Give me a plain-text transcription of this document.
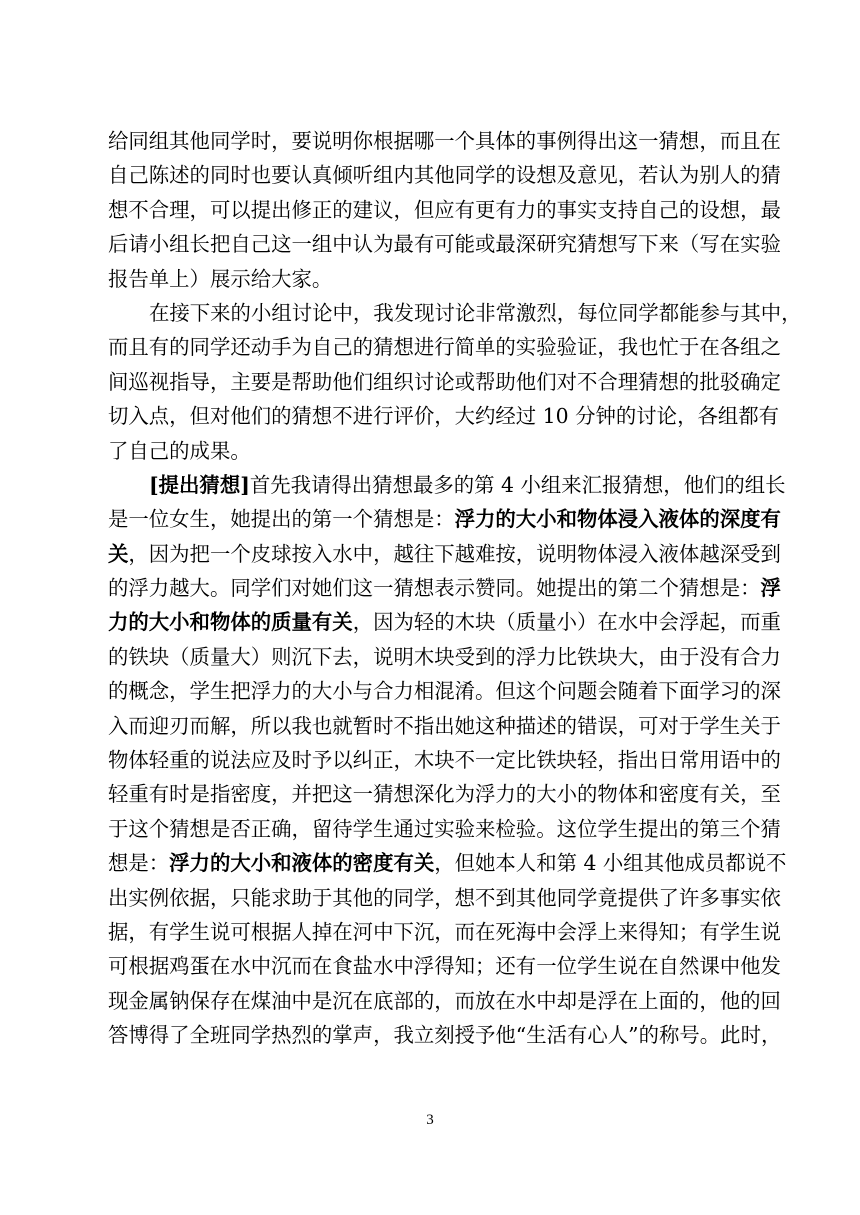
给同组其他同学时，要说明你根据哪一个具体的事例得出这一猜想，而且在
自己陈述的同时也要认真倾听组内其他同学的设想及意见，若认为别人的猜
想不合理，可以提出修正的建议，但应有更有力的事实支持自己的设想，最
后请小组长把自己这一组中认为最有可能或最深研究猜想写下来（写在实验
报告单上）展示给大家。
在接下来的小组讨论中，我发现讨论非常激烈，每位同学都能参与其中，
而且有的同学还动手为自己的猜想进行简单的实验验证，我也忙于在各组之
间巡视指导，主要是帮助他们组织讨论或帮助他们对不合理猜想的批驳确定
切入点，但对他们的猜想不进行评价，大约经过 10 分钟的讨论，各组都有
了自己的成果。
[提出猜想]首先我请得出猜想最多的第 4 小组来汇报猜想，他们的组长
是一位女生，她提出的第一个猜想是：浮力的大小和物体浸入液体的深度有
关，因为把一个皮球按入水中，越往下越难按，说明物体浸入液体越深受到
的浮力越大。同学们对她们这一猜想表示赞同。她提出的第二个猜想是：浮
力的大小和物体的质量有关，因为轻的木块（质量小）在水中会浮起，而重
的铁块（质量大）则沉下去，说明木块受到的浮力比铁块大，由于没有合力
的概念，学生把浮力的大小与合力相混淆。但这个问题会随着下面学习的深
入而迎刃而解，所以我也就暂时不指出她这种描述的错误，可对于学生关于
物体轻重的说法应及时予以纠正，木块不一定比铁块轻，指出日常用语中的
轻重有时是指密度，并把这一猜想深化为浮力的大小的物体和密度有关，至
于这个猜想是否正确，留待学生通过实验来检验。这位学生提出的第三个猜
想是：浮力的大小和液体的密度有关，但她本人和第 4 小组其他成员都说不
出实例依据，只能求助于其他的同学，想不到其他同学竟提供了许多事实依
据，有学生说可根据人掉在河中下沉，而在死海中会浮上来得知；有学生说
可根据鸡蛋在水中沉而在食盐水中浮得知；还有一位学生说在自然课中他发
现金属钠保存在煤油中是沉在底部的，而放在水中却是浮在上面的，他的回
答博得了全班同学热烈的掌声，我立刻授予他“生活有心人”的称号。此时，
3
